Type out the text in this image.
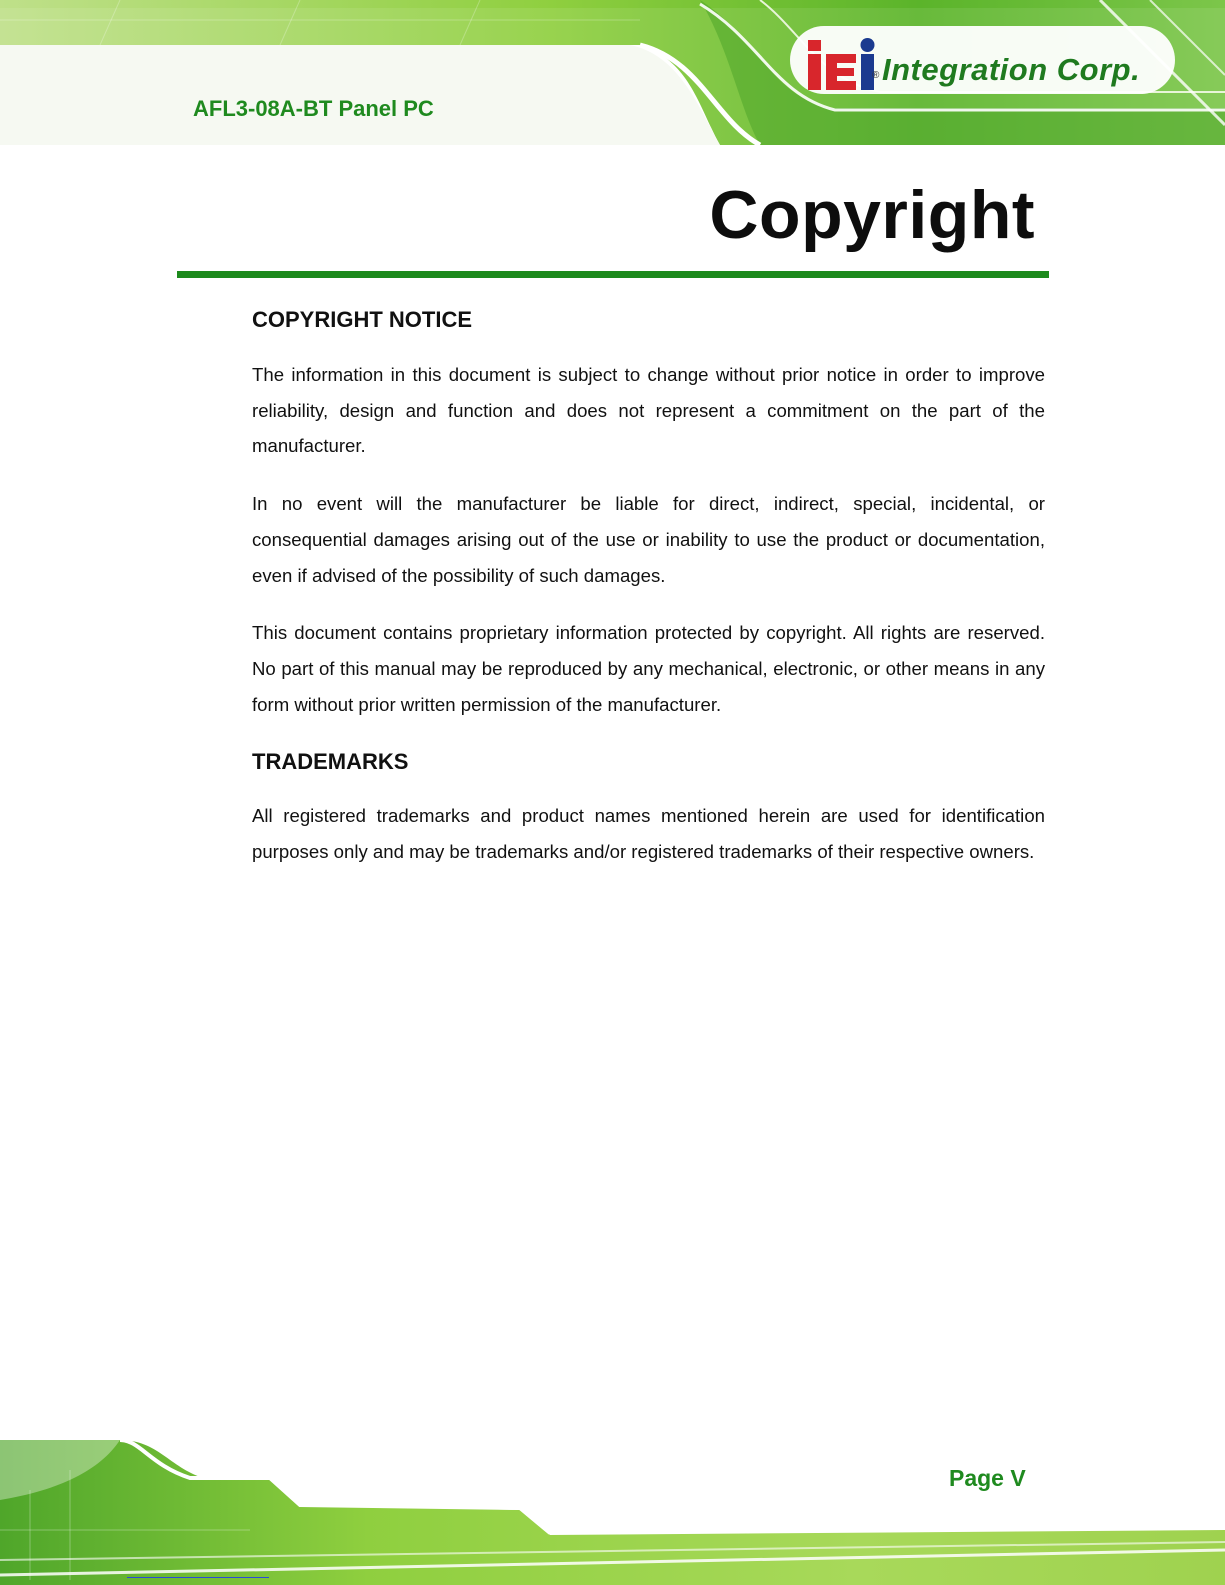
® Integration Corp.
AFL3-08A-BT Panel PC
Copyright
COPYRIGHT NOTICE

The information in this document is subject to change without prior notice in order to improve reliability, design and function and does not represent a commitment on the part of the manufacturer.

In no event will the manufacturer be liable for direct, indirect, special, incidental, or consequential damages arising out of the use or inability to use the product or documentation, even if advised of the possibility of such damages.

This document contains proprietary information protected by copyright. All rights are reserved. No part of this manual may be reproduced by any mechanical, electronic, or other means in any form without prior written permission of the manufacturer.

TRADEMARKS

All registered trademarks and product names mentioned herein are used for identification purposes only and may be trademarks and/or registered trademarks of their respective owners.

Page V
